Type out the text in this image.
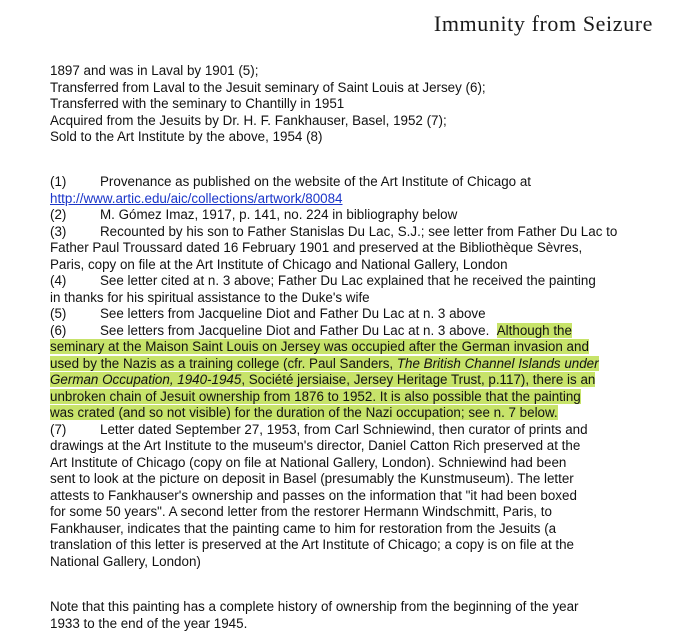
Immunity from Seizure
1897 and was in Laval by 1901 (5);
Transferred from Laval to the Jesuit seminary of Saint Louis at Jersey (6);
Transferred with the seminary to Chantilly in 1951
Acquired from the Jesuits by Dr. H. F. Fankhauser, Basel, 1952 (7);
Sold to the Art Institute by the above, 1954 (8)
(1)	Provenance as published on the website of the Art Institute of Chicago at
http://www.artic.edu/aic/collections/artwork/80084
(2)	M. Gómez Imaz, 1917, p. 141, no. 224 in bibliography below
(3)	Recounted by his son to Father Stanislas Du Lac, S.J.; see letter from Father Du Lac to
Father Paul Troussard dated 16 February 1901 and preserved at the Bibliothèque Sèvres,
Paris, copy on file at the Art Institute of Chicago and National Gallery, London
(4)	See letter cited at n. 3 above; Father Du Lac explained that he received the painting
in thanks for his spiritual assistance to the Duke's wife
(5)	See letters from Jacqueline Diot and Father Du Lac at n. 3 above
(6)	See letters from Jacqueline Diot and Father Du Lac at n. 3 above. Although the
seminary at the Maison Saint Louis on Jersey was occupied after the German invasion and
used by the Nazis as a training college (cfr. Paul Sanders, The British Channel Islands under
German Occupation, 1940-1945, Société jersiaise, Jersey Heritage Trust, p.117), there is an
unbroken chain of Jesuit ownership from 1876 to 1952. It is also possible that the painting
was crated (and so not visible) for the duration of the Nazi occupation; see n. 7 below.
(7)	Letter dated September 27, 1953, from Carl Schniewind, then curator of prints and
drawings at the Art Institute to the museum's director, Daniel Catton Rich preserved at the
Art Institute of Chicago (copy on file at National Gallery, London). Schniewind had been
sent to look at the picture on deposit in Basel (presumably the Kunstmuseum). The letter
attests to Fankhauser's ownership and passes on the information that "it had been boxed
for some 50 years". A second letter from the restorer Hermann Windschmitt, Paris, to
Fankhauser, indicates that the painting came to him for restoration from the Jesuits (a
translation of this letter is preserved at the Art Institute of Chicago; a copy is on file at the
National Gallery, London)
Note that this painting has a complete history of ownership from the beginning of the year
1933 to the end of the year 1945.
